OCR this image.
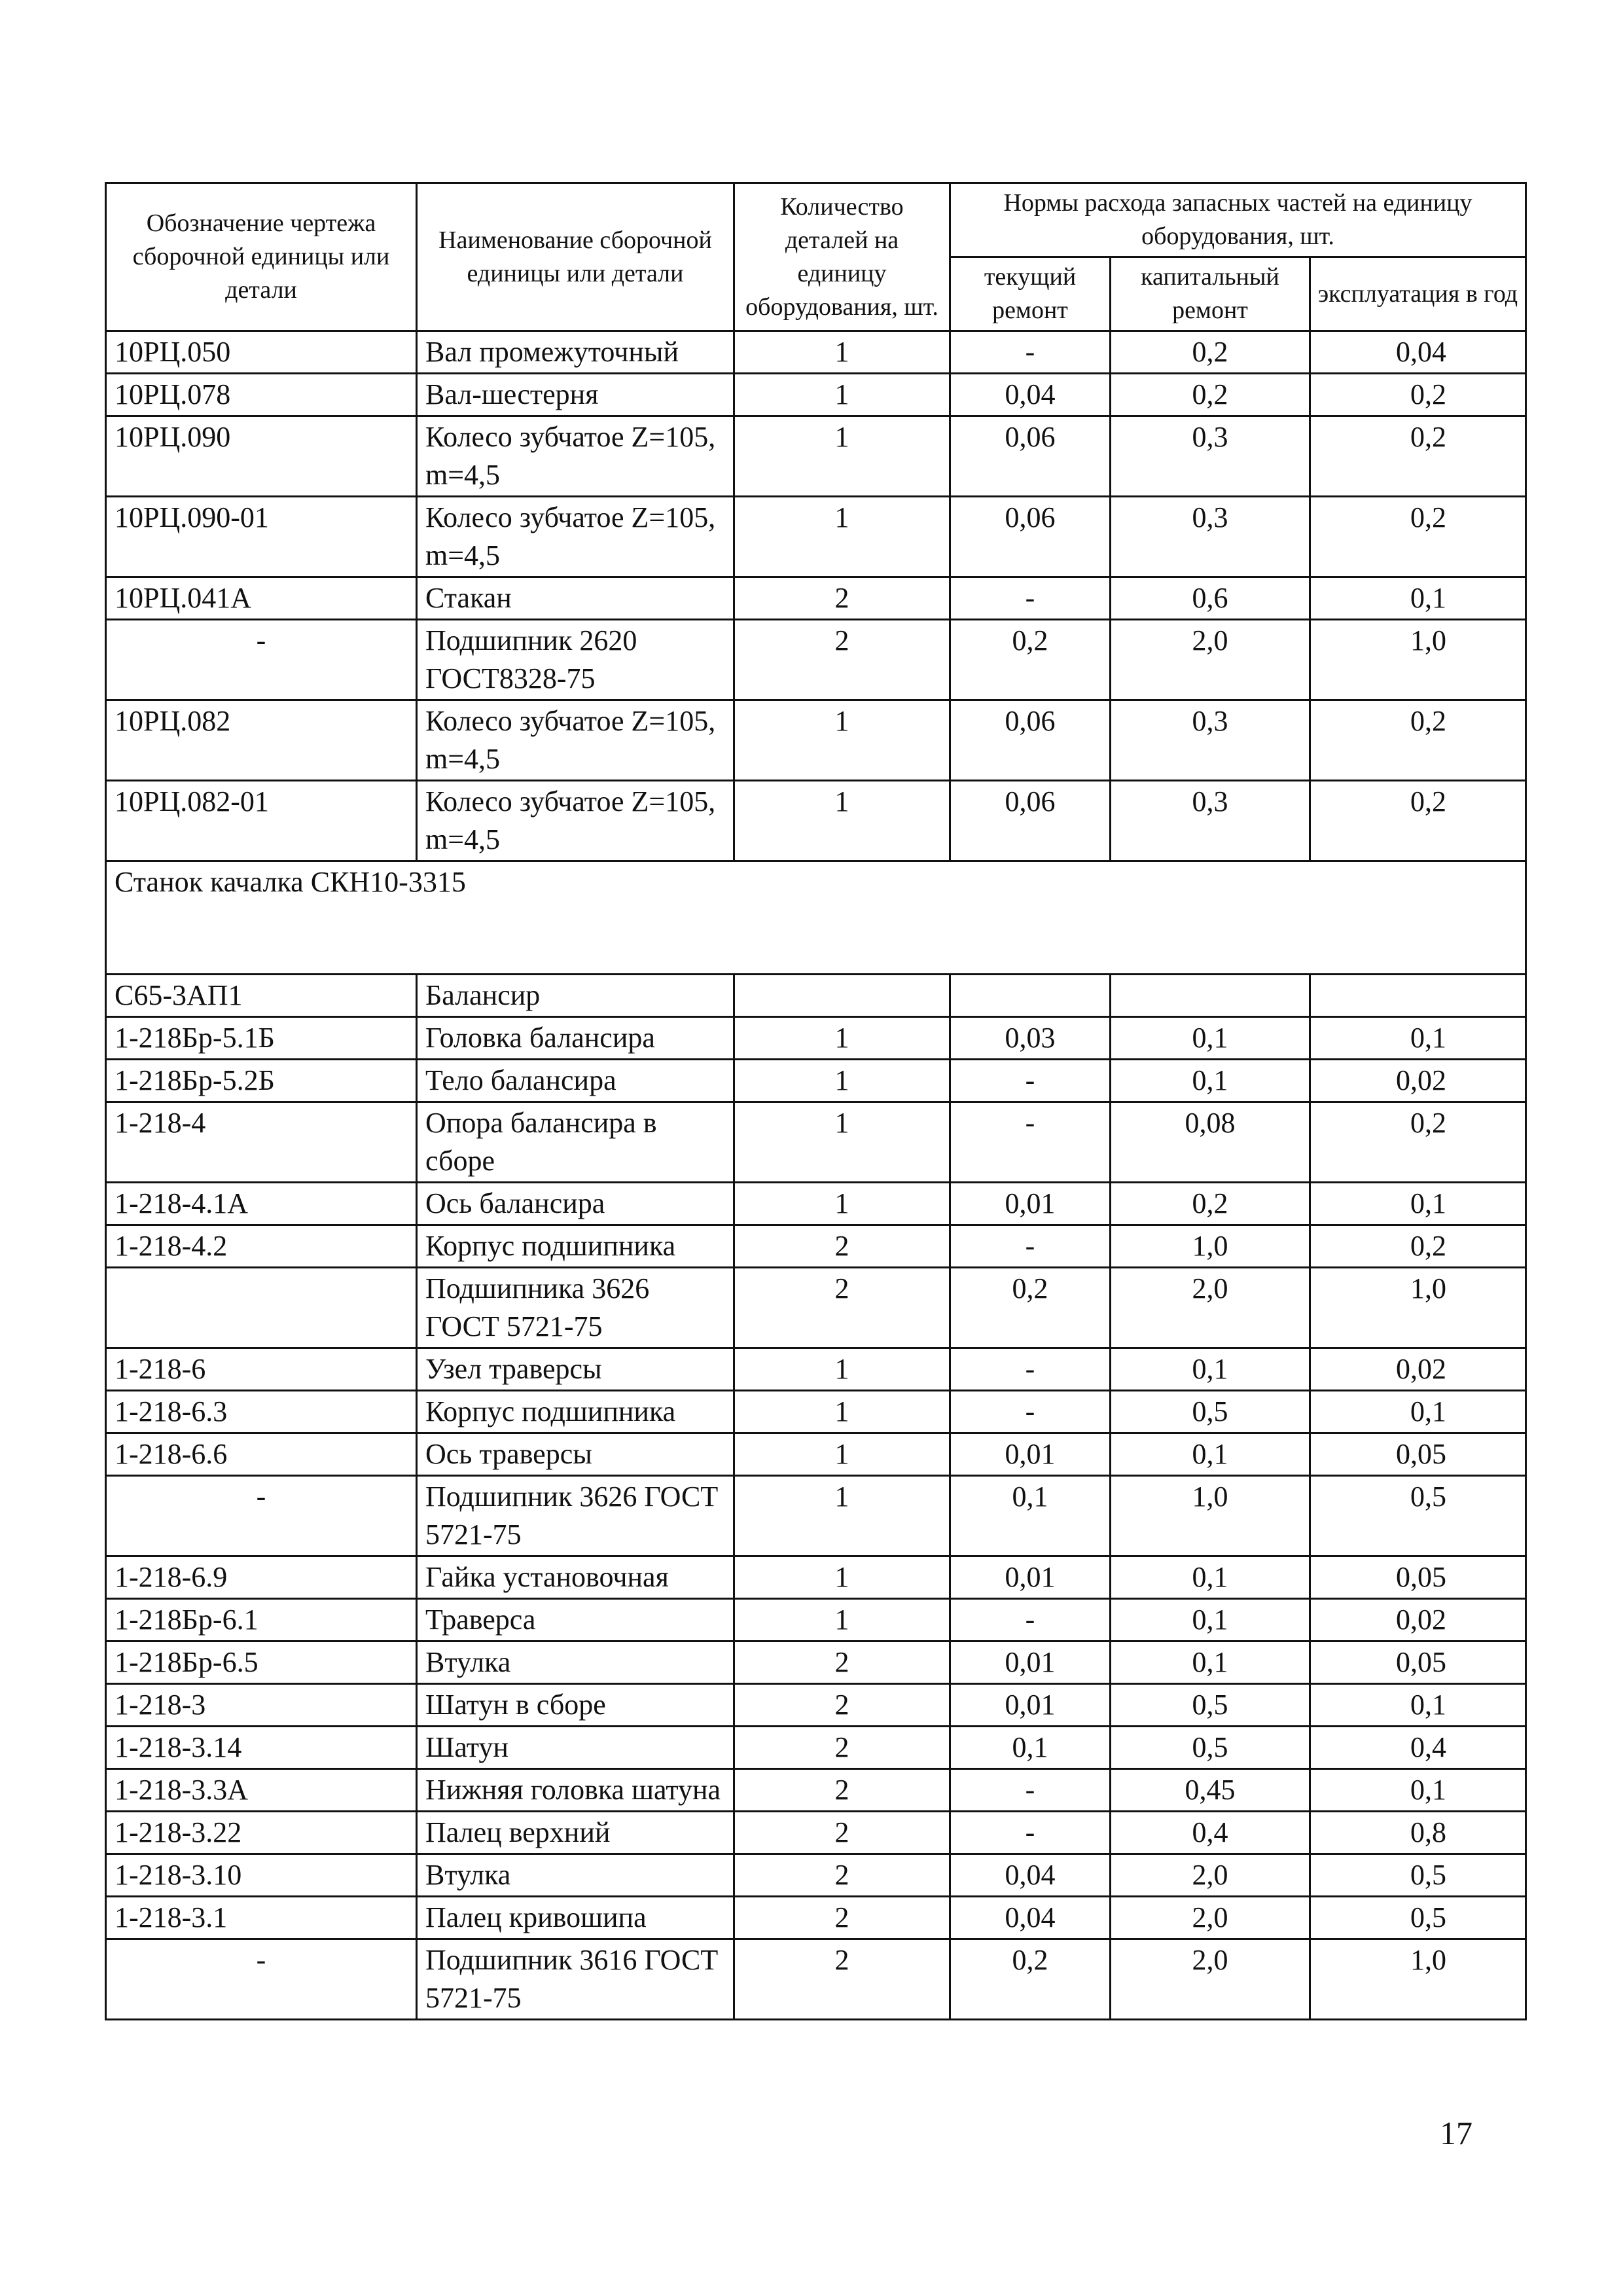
Обозначение чертежа сборочной единицы или детали	Наименование сборочной единицы или детали	Количество деталей на единицу оборудования, шт.	Нормы расхода запасных частей на единицу оборудования, шт.		
			текущий ремонт	капитальный ремонт	эксплуатация в год
10РЦ.050	Вал промежуточный	1	-	0,2	0,04
10РЦ.078	Вал-шестерня	1	0,04	0,2	0,2
10РЦ.090	Колесо зубчатое Z=105, m=4,5	1	0,06	0,3	0,2
10РЦ.090-01	Колесо зубчатое Z=105, m=4,5	1	0,06	0,3	0,2
10РЦ.041А	Стакан	2	-	0,6	0,1
-	Подшипник 2620 ГОСТ8328-75	2	0,2	2,0	1,0
10РЦ.082	Колесо зубчатое Z=105, m=4,5	1	0,06	0,3	0,2
10РЦ.082-01	Колесо зубчатое Z=105, m=4,5	1	0,06	0,3	0,2
Станок качалка СКН10-3315					
С65-3АП1	Балансир				
1-218Бр-5.1Б	Головка балансира	1	0,03	0,1	0,1
1-218Бр-5.2Б	Тело балансира	1	-	0,1	0,02
1-218-4	Опора балансира в сборе	1	-	0,08	0,2
1-218-4.1А	Ось балансира	1	0,01	0,2	0,1
1-218-4.2	Корпус подшипника	2	-	1,0	0,2
	Подшипника 3626 ГОСТ 5721-75	2	0,2	2,0	1,0
1-218-6	Узел траверсы	1	-	0,1	0,02
1-218-6.3	Корпус подшипника	1	-	0,5	0,1
1-218-6.6	Ось траверсы	1	0,01	0,1	0,05
-	Подшипник 3626 ГОСТ 5721-75	1	0,1	1,0	0,5
1-218-6.9	Гайка установочная	1	0,01	0,1	0,05
1-218Бр-6.1	Траверса	1	-	0,1	0,02
1-218Бр-6.5	Втулка	2	0,01	0,1	0,05
1-218-3	Шатун в сборе	2	0,01	0,5	0,1
1-218-3.14	Шатун	2	0,1	0,5	0,4
1-218-3.3А	Нижняя головка шатуна	2	-	0,45	0,1
1-218-3.22	Палец верхний	2	-	0,4	0,8
1-218-3.10	Втулка	2	0,04	2,0	0,5
1-218-3.1	Палец кривошипа	2	0,04	2,0	0,5
-	Подшипник 3616 ГОСТ 5721-75	2	0,2	2,0	1,0
17
